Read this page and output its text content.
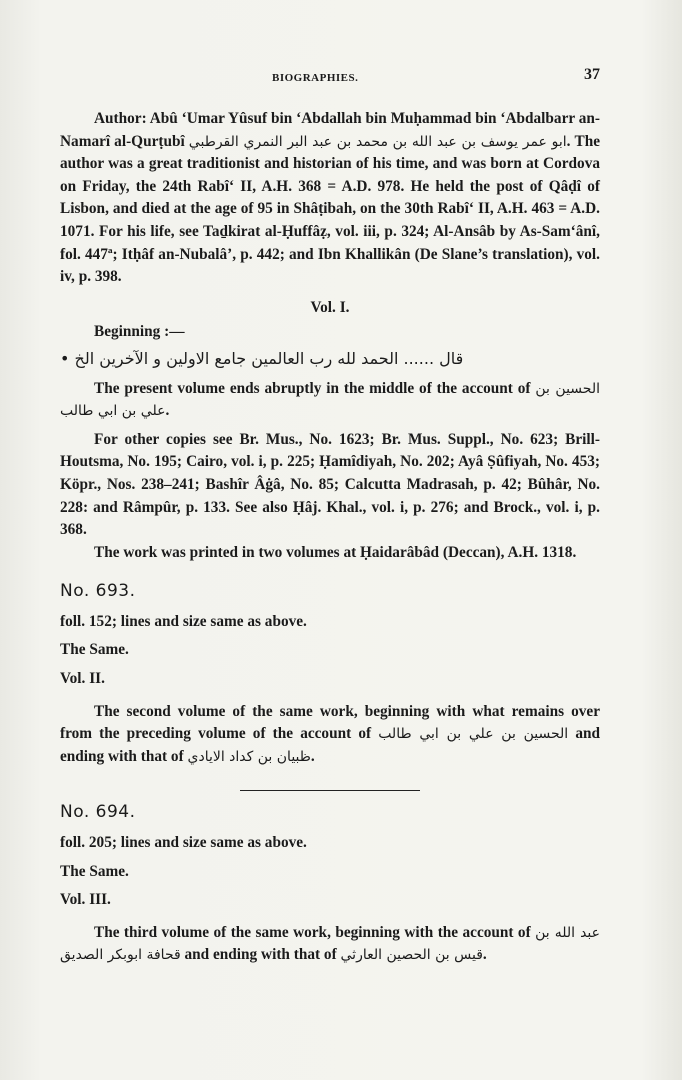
BIOGRAPHIES.	37

Author: Abû ‘Umar Yûsuf bin ‘Abdallah bin Muḥammad bin ‘Abdalbarr an-Namarî al-Qurṭubî ابو عمر يوسف بن عبد الله بن محمد بن عبد البر النمري القرطبي. The author was a great traditionist and historian of his time, and was born at Cordova on Friday, the 24th Rabî‘ II, A.H. 368 = A.D. 978. He held the post of Qâḍî of Lisbon, and died at the age of 95 in Shâṭibah, on the 30th Rabî‘ II, A.H. 463 = A.D. 1071. For his life, see Taḏkirat al-Ḥuffâẓ, vol. iii, p. 324; Al-Ansâb by As-Sam‘ânî, fol. 447ª; Itḥâf an-Nubalâ’, p. 442; and Ibn Khallikân (De Slane’s translation), vol. iv, p. 398.

Vol. I.

Beginning :—

قال ...... الحمد لله رب العالمين جامع الاولين و الآخرين الخ •

The present volume ends abruptly in the middle of the account of الحسين بن علي بن ابي طالب.

For other copies see Br. Mus., No. 1623; Br. Mus. Suppl., No. 623; Brill-Houtsma, No. 195; Cairo, vol. i, p. 225; Ḥamîdiyah, No. 202; Ayâ Ṣûfiyah, No. 453; Köpr., Nos. 238–241; Bashîr Âġâ, No. 85; Calcutta Madrasah, p. 42; Bûhâr, No. 228: and Râmpûr, p. 133. See also Ḥâj. Khal., vol. i, p. 276; and Brock., vol. i, p. 368.

The work was printed in two volumes at Ḥaidarâbâd (Deccan), A.H. 1318.

No. 693.

foll. 152; lines and size same as above.

The Same.

Vol. II.

The second volume of the same work, beginning with what remains over from the preceding volume of the account of الحسين بن علي بن ابي طالب and ending with that of ظبيان بن كداد الايادي.

No. 694.

foll. 205; lines and size same as above.

The Same.

Vol. III.

The third volume of the same work, beginning with the account of عبد الله بن قحافة ابوبكر الصديق and ending with that of قيس بن الحصين العارثي.
